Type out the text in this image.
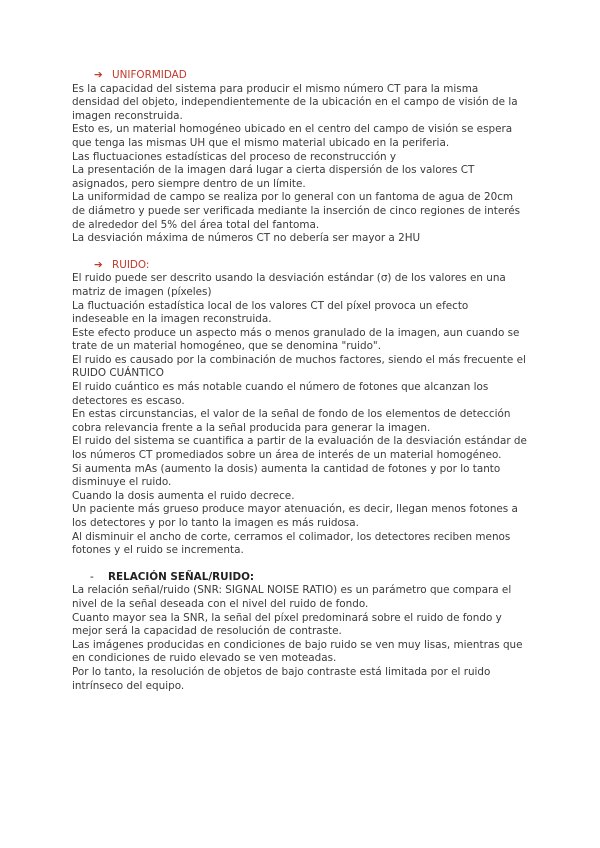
➔ UNIFORMIDAD

Es la capacidad del sistema para producir el mismo número CT para la misma densidad del objeto, independientemente de la ubicación en el campo de visión de la imagen reconstruida.

Esto es, un material homogéneo ubicado en el centro del campo de visión se espera que tenga las mismas UH que el mismo material ubicado en la periferia.

Las fluctuaciones estadísticas del proceso de reconstrucción y

La presentación de la imagen dará lugar a cierta dispersión de los valores CT asignados, pero siempre dentro de un límite.

La uniformidad de campo se realiza por lo general con un fantoma de agua de 20cm de diámetro y puede ser verificada mediante la inserción de cinco regiones de interés de alrededor del 5% del área total del fantoma.

La desviación máxima de números CT no debería ser mayor a 2HU

➔ RUIDO:

El ruido puede ser descrito usando la desviación estándar (σ) de los valores en una matriz de imagen (píxeles)

La fluctuación estadística local de los valores CT del píxel provoca un efecto indeseable en la imagen reconstruida.

Este efecto produce un aspecto más o menos granulado de la imagen, aun cuando se trate de un material homogéneo, que se denomina "ruido".

El ruido es causado por la combinación de muchos factores, siendo el más frecuente el RUIDO CUÁNTICO

El ruido cuántico es más notable cuando el número de fotones que alcanzan los detectores es escaso.

En estas circunstancias, el valor de la señal de fondo de los elementos de detección cobra relevancia frente a la señal producida para generar la imagen.

El ruido del sistema se cuantifica a partir de la evaluación de la desviación estándar de los números CT promediados sobre un área de interés de un material homogéneo.

Si aumenta mAs (aumento la dosis) aumenta la cantidad de fotones y por lo tanto disminuye el ruido.

Cuando la dosis aumenta el ruido decrece.

Un paciente más grueso produce mayor atenuación, es decir, llegan menos fotones a los detectores y por lo tanto la imagen es más ruidosa.

Al disminuir el ancho de corte, cerramos el colimador, los detectores reciben menos fotones y el ruido se incrementa.

- RELACIÓN SEÑAL/RUIDO:

La relación señal/ruido (SNR: SIGNAL NOISE RATIO) es un parámetro que compara el nivel de la señal deseada con el nivel del ruido de fondo.

Cuanto mayor sea la SNR, la señal del píxel predominará sobre el ruido de fondo y mejor será la capacidad de resolución de contraste.

Las imágenes producidas en condiciones de bajo ruido se ven muy lisas, mientras que en condiciones de ruido elevado se ven moteadas.

Por lo tanto, la resolución de objetos de bajo contraste está limitada por el ruido intrínseco del equipo.
